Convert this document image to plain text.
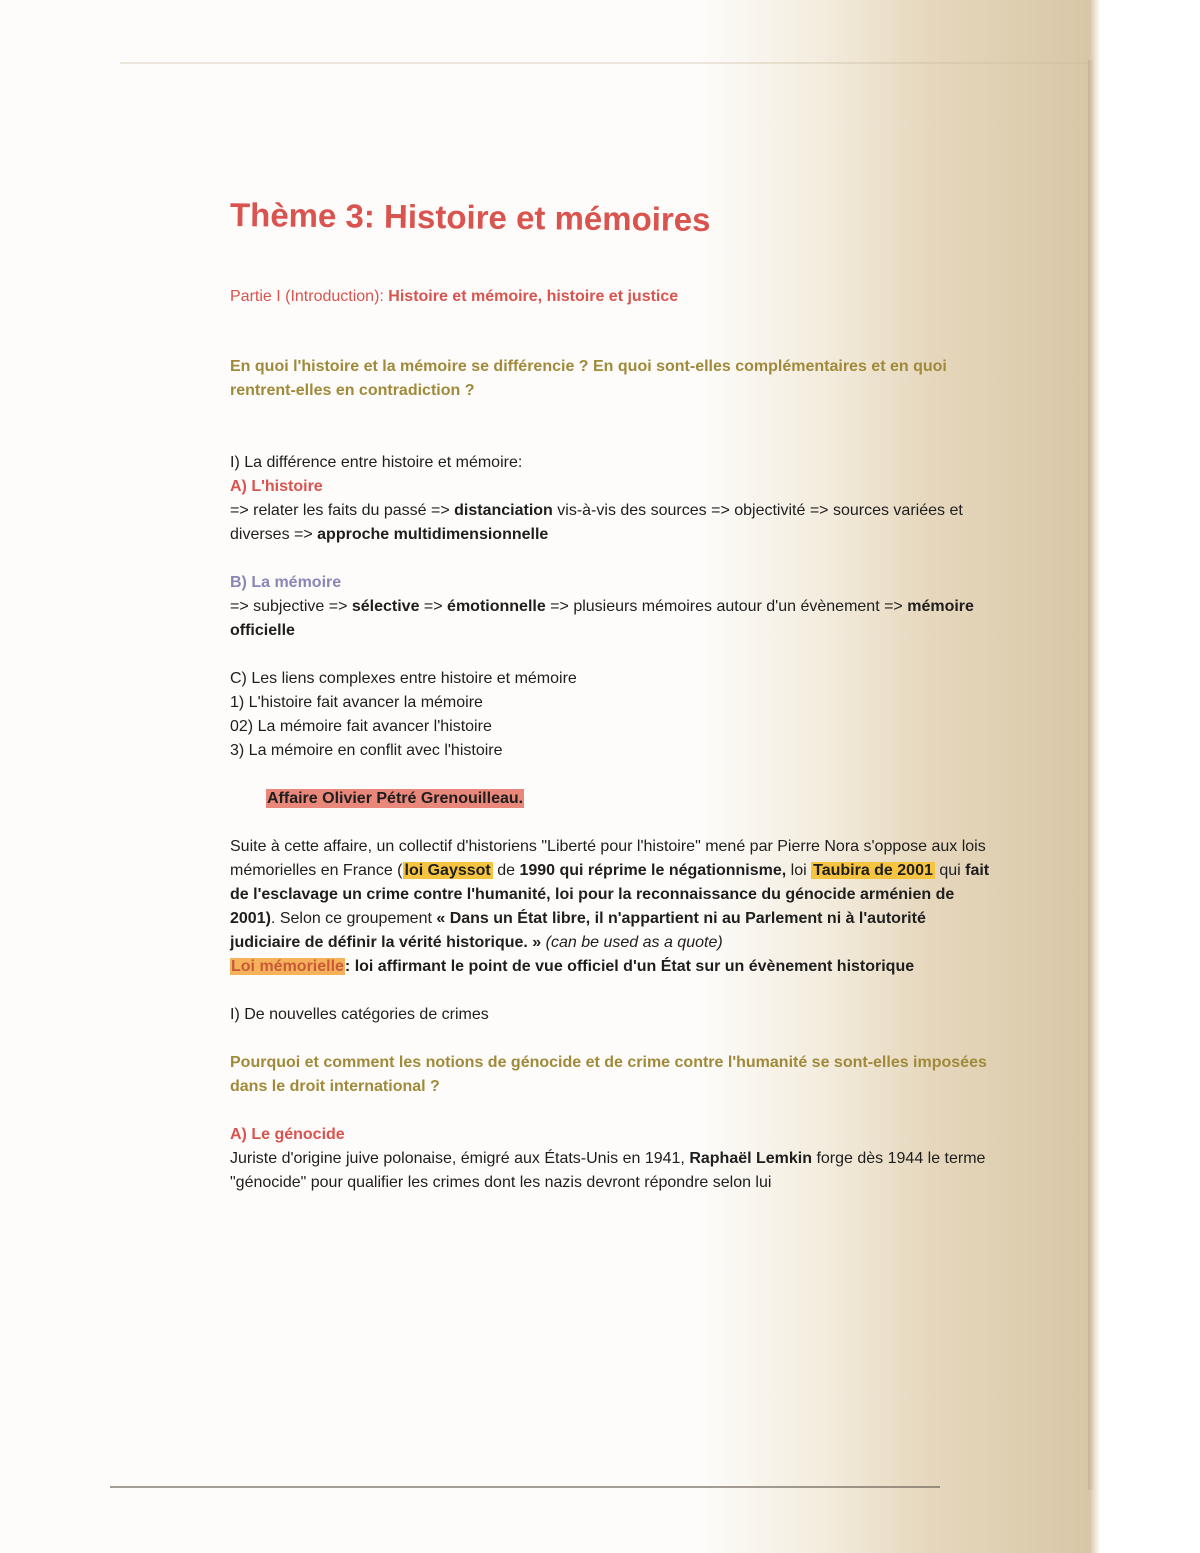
Thème 3: Histoire et mémoires
Partie I (Introduction): Histoire et mémoire, histoire et justice
En quoi l'histoire et la mémoire se différencie ? En quoi sont-elles complémentaires et en quoi rentrent-elles en contradiction ?

I) La différence entre histoire et mémoire:

A) L'histoire

=> relater les faits du passé => distanciation vis-à-vis des sources => objectivité => sources variées et diverses => approche multidimensionnelle

B) La mémoire

=> subjective => sélective => émotionnelle => plusieurs mémoires autour d'un évènement => mémoire officielle

C) Les liens complexes entre histoire et mémoire

1) L'histoire fait avancer la mémoire

02) La mémoire fait avancer l'histoire

3) La mémoire en conflit avec l'histoire

Affaire Olivier Pétré Grenouilleau.

Suite à cette affaire, un collectif d'historiens "Liberté pour l'histoire" mené par Pierre Nora s'oppose aux lois mémorielles en France ( loi Gayssot de 1990 qui réprime le négationnisme, loi Taubira de 2001 qui fait de l'esclavage un crime contre l'humanité, loi pour la reconnaissance du génocide arménien de 2001). Selon ce groupement « Dans un État libre, il n'appartient ni au Parlement ni à l'autorité judiciaire de définir la vérité historique. » (can be used as a quote)

Loi mémorielle: loi affirmant le point de vue officiel d'un État sur un évènement historique

I) De nouvelles catégories de crimes

Pourquoi et comment les notions de génocide et de crime contre l'humanité se sont-elles imposées dans le droit international ?

A) Le génocide

Juriste d'origine juive polonaise, émigré aux États-Unis en 1941, Raphaël Lemkin forge dès 1944 le terme "génocide" pour qualifier les crimes dont les nazis devront répondre selon lui
